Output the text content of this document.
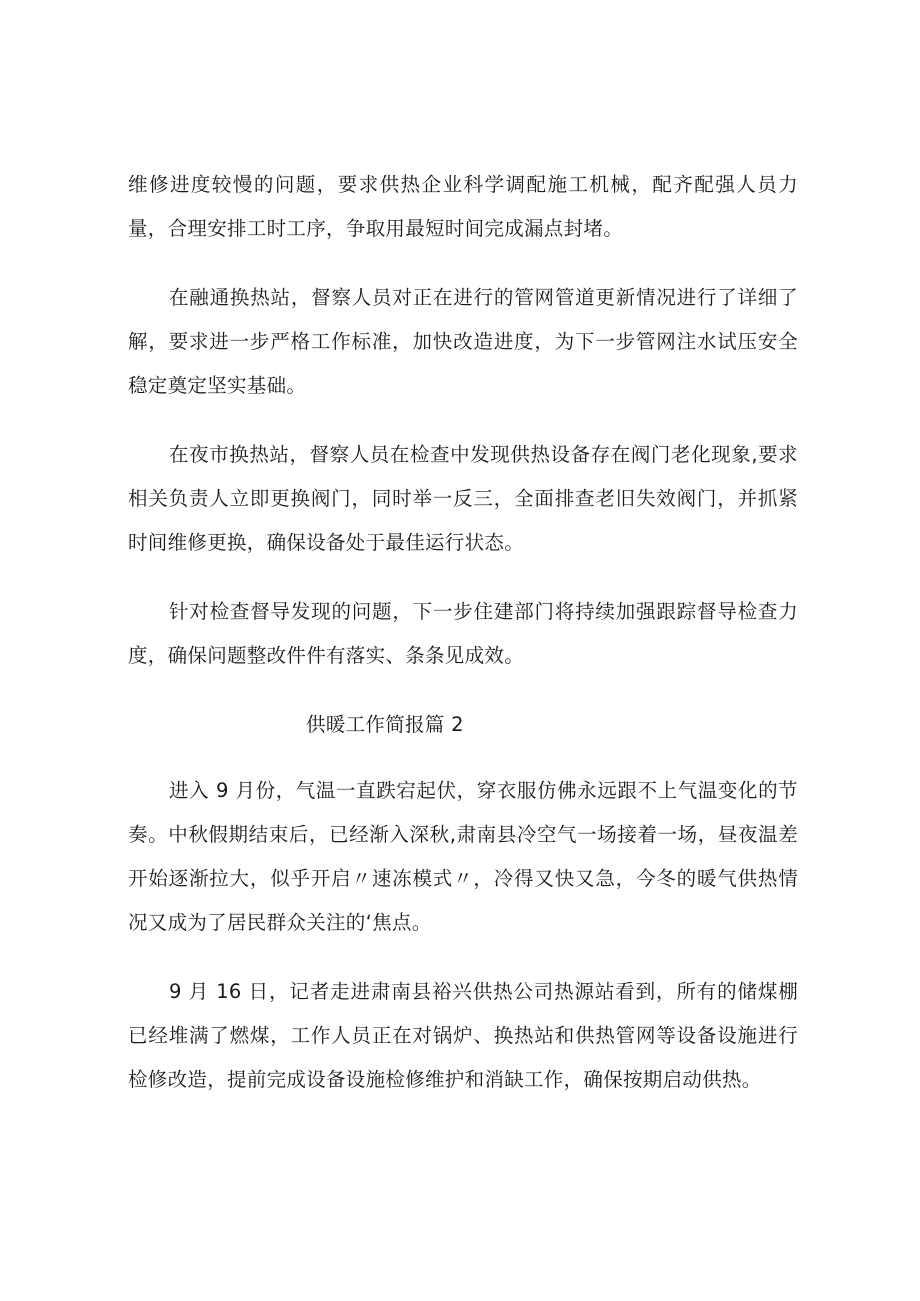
维修进度较慢的问题，要求供热企业科学调配施工机械，配齐配强人员力量，合理安排工时工序，争取用最短时间完成漏点封堵。

在融通换热站，督察人员对正在进行的管网管道更新情况进行了详细了解，要求进一步严格工作标准，加快改造进度，为下一步管网注水试压安全稳定奠定坚实基础。

在夜市换热站，督察人员在检查中发现供热设备存在阀门老化现象,要求相关负责人立即更换阀门，同时举一反三，全面排查老旧失效阀门，并抓紧时间维修更换，确保设备处于最佳运行状态。

针对检查督导发现的问题，下一步住建部门将持续加强跟踪督导检查力度，确保问题整改件件有落实、条条见成效。

供暖工作简报篇 2

进入 9 月份，气温一直跌宕起伏，穿衣服仿佛永远跟不上气温变化的节奏。中秋假期结束后，已经渐入深秋,肃南县冷空气一场接着一场，昼夜温差开始逐渐拉大，似乎开启〃速冻模式〃，冷得又快又急，今冬的暖气供热情况又成为了居民群众关注的‘焦点。

9 月 16 日，记者走进肃南县裕兴供热公司热源站看到，所有的储煤棚已经堆满了燃煤，工作人员正在对锅炉、换热站和供热管网等设备设施进行检修改造，提前完成设备设施检修维护和消缺工作，确保按期启动供热。
